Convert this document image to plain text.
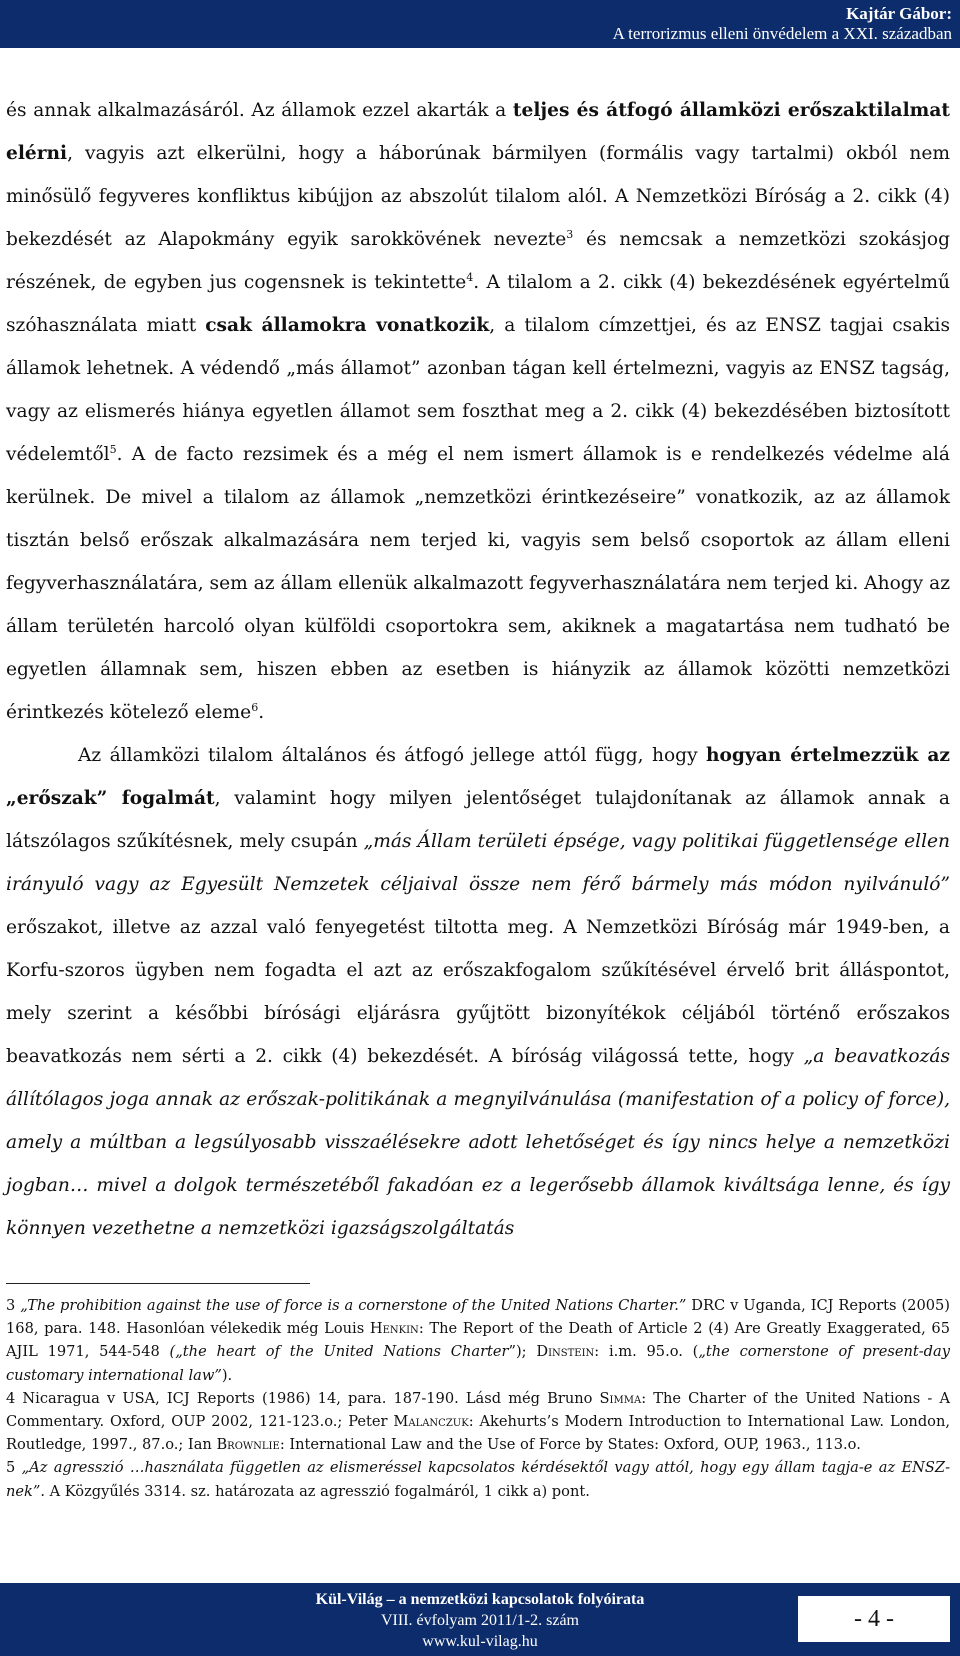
Kajtár Gábor:
A terrorizmus elleni önvédelem a XXI. században

és annak alkalmazásáról. Az államok ezzel akarták a teljes és átfogó államközi erőszaktilalmat elérni, vagyis azt elkerülni, hogy a háborúnak bármilyen (formális vagy tartalmi) okból nem minősülő fegyveres konfliktus kibújjon az abszolút tilalom alól. A Nemzetközi Bíróság a 2. cikk (4) bekezdését az Alapokmány egyik sarokkövének nevezte$^3$ és nemcsak a nemzetközi szokásjog részének, de egyben jus cogensnek is tekintette$^4$. A tilalom a 2. cikk (4) bekezdésének egyértelmű szóhasználata miatt csak államokra vonatkozik, a tilalom címzettjei, és az ENSZ tagjai csakis államok lehetnek. A védendő „más államot” azonban tágan kell értelmezni, vagyis az ENSZ tagság, vagy az elismerés hiánya egyetlen államot sem foszthat meg a 2. cikk (4) bekezdésében biztosított védelemtől$^5$. A de facto rezsimek és a még el nem ismert államok is e rendelkezés védelme alá kerülnek. De mivel a tilalom az államok „nemzetközi érintkezéseire” vonatkozik, az az államok tisztán belső erőszak alkalmazására nem terjed ki, vagyis sem belső csoportok az állam elleni fegyverhasználatára, sem az állam ellenük alkalmazott fegyverhasználatára nem terjed ki. Ahogy az állam területén harcoló olyan külföldi csoportokra sem, akiknek a magatartása nem tudható be egyetlen államnak sem, hiszen ebben az esetben is hiányzik az államok közötti nemzetközi érintkezés kötelező eleme$^6$.

Az államközi tilalom általános és átfogó jellege attól függ, hogy hogyan értelmezzük az „erőszak” fogalmát, valamint hogy milyen jelentőséget tulajdonítanak az államok annak a látszólagos szűkítésnek, mely csupán „más Állam területi épsége, vagy politikai függetlensége ellen irányuló vagy az Egyesült Nemzetek céljaival össze nem férő bármely más módon nyilvánuló” erőszakot, illetve az azzal való fenyegetést tiltotta meg. A Nemzetközi Bíróság már 1949-ben, a Korfu-szoros ügyben nem fogadta el azt az erőszakfogalom szűkítésével érvelő brit álláspontot, mely szerint a későbbi bírósági eljárásra gyűjtött bizonyítékok céljából történő erőszakos beavatkozás nem sérti a 2. cikk (4) bekezdését. A bíróság világossá tette, hogy „a beavatkozás állítólagos joga annak az erőszak-politikának a megnyilvánulása (manifestation of a policy of force), amely a múltban a legsúlyosabb visszaélésekre adott lehetőséget és így nincs helye a nemzetközi jogban… mivel a dolgok természetéből fakadóan ez a legerősebb államok kiváltsága lenne, és így könnyen vezethetne a nemzetközi igazságszolgáltatás

3 „The prohibition against the use of force is a cornerstone of the United Nations Charter.” DRC v Uganda, ICJ Reports (2005) 168, para. 148. Hasonlóan vélekedik még Louis Henkin: The Report of the Death of Article 2 (4) Are Greatly Exaggerated, 65 AJIL 1971, 544-548 („the heart of the United Nations Charter”); Dinstein: i.m. 95.o. („the cornerstone of present-day customary international law”).

4 Nicaragua v USA, ICJ Reports (1986) 14, para. 187-190. Lásd még Bruno Simma: The Charter of the United Nations - A Commentary. Oxford, OUP 2002, 121-123.o.; Peter Malanczuk: Akehurts’s Modern Introduction to International Law. London, Routledge, 1997., 87.o.; Ian Brownlie: International Law and the Use of Force by States: Oxford, OUP, 1963., 113.o.

5 „Az agresszió …használata független az elismeréssel kapcsolatos kérdésektől vagy attól, hogy egy állam tagja-e az ENSZ-nek”. A Közgyűlés 3314. sz. határozata az agresszió fogalmáról, 1 cikk a) pont.

Kül-Világ – a nemzetközi kapcsolatok folyóirata
VIII. évfolyam 2011/1-2. szám
www.kul-vilag.hu
- 4 -
